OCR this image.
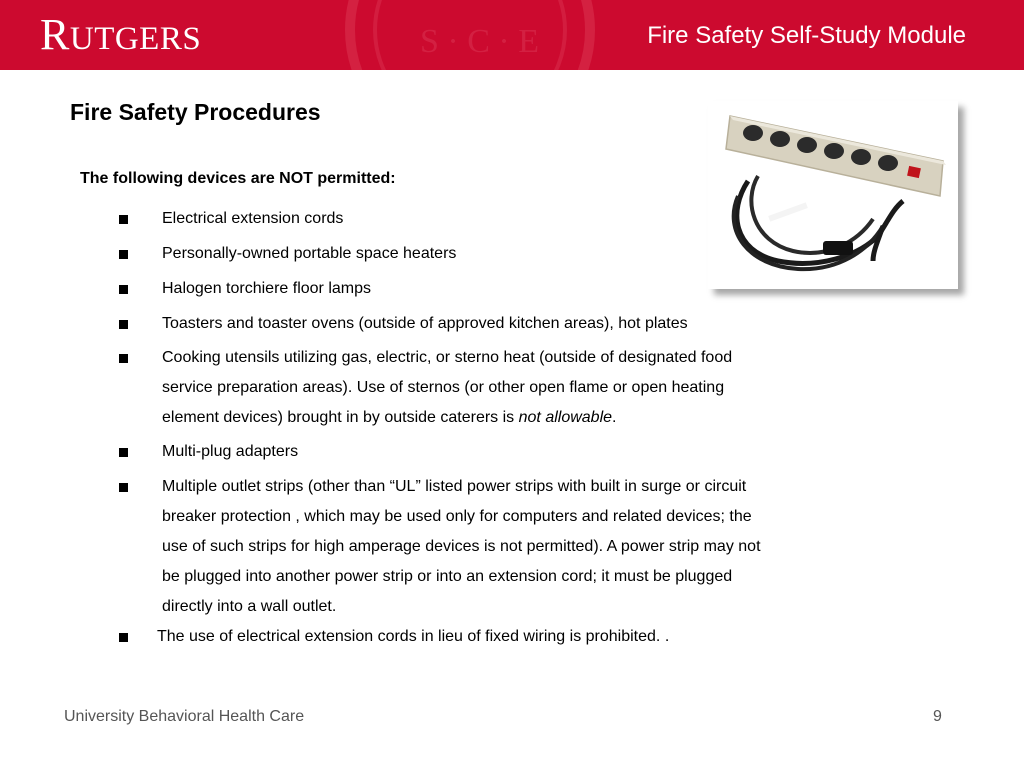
S · C · E
RUTGERS	Fire Safety Self-Study Module
Fire Safety Procedures
The following devices are NOT permitted:
Electrical extension cords
Personally-owned portable space heaters
Halogen torchiere floor lamps
Toasters and toaster ovens (outside of approved kitchen areas), hot plates
Cooking utensils utilizing gas, electric, or sterno heat (outside of designated food
service preparation areas). Use of sternos (or other open flame or open heating
element devices) brought in by outside caterers is not allowable.
Multi-plug adapters
Multiple outlet strips (other than “UL” listed power strips with built in surge or circuit
breaker protection , which may be used only for computers and related devices; the
use of such strips for high amperage devices is not permitted). A power strip may not
be plugged into another power strip or into an extension cord; it must be plugged
directly into a wall outlet.
The use of electrical extension cords in lieu of fixed wiring is prohibited. .
University Behavioral Health Care	9
